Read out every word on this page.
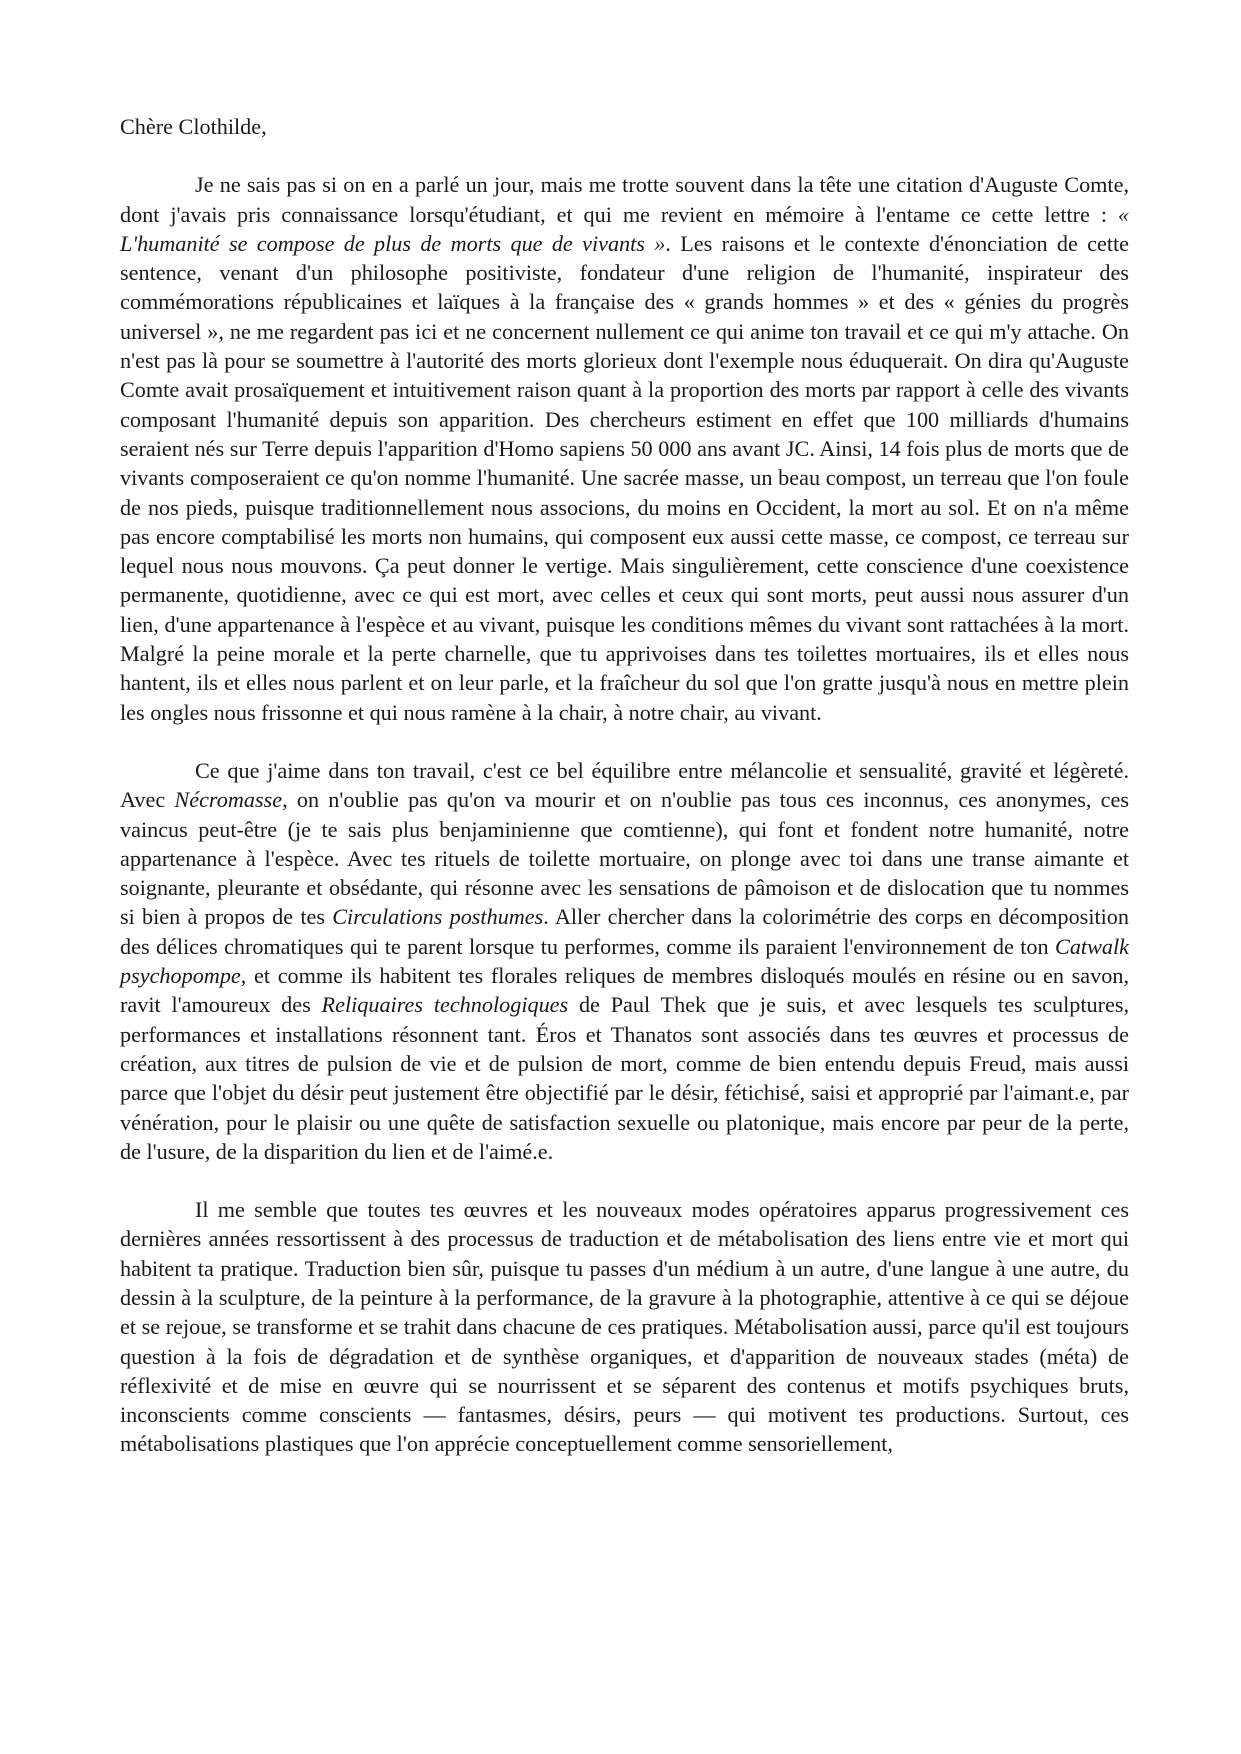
Chère Clothilde,

Je ne sais pas si on en a parlé un jour, mais me trotte souvent dans la tête une citation d'Auguste Comte, dont j'avais pris connaissance lorsqu'étudiant, et qui me revient en mémoire à l'entame ce cette lettre : « L'humanité se compose de plus de morts que de vivants ». Les raisons et le contexte d'énonciation de cette sentence, venant d'un philosophe positiviste, fondateur d'une religion de l'humanité, inspirateur des commémorations républicaines et laïques à la française des « grands hommes » et des « génies du progrès universel », ne me regardent pas ici et ne concernent nullement ce qui anime ton travail et ce qui m'y attache. On n'est pas là pour se soumettre à l'autorité des morts glorieux dont l'exemple nous éduquerait. On dira qu'Auguste Comte avait prosaïquement et intuitivement raison quant à la proportion des morts par rapport à celle des vivants composant l'humanité depuis son apparition. Des chercheurs estiment en effet que 100 milliards d'humains seraient nés sur Terre depuis l'apparition d'Homo sapiens 50 000 ans avant JC. Ainsi, 14 fois plus de morts que de vivants composeraient ce qu'on nomme l'humanité. Une sacrée masse, un beau compost, un terreau que l'on foule de nos pieds, puisque traditionnellement nous associons, du moins en Occident, la mort au sol. Et on n'a même pas encore comptabilisé les morts non humains, qui composent eux aussi cette masse, ce compost, ce terreau sur lequel nous nous mouvons. Ça peut donner le vertige. Mais singulièrement, cette conscience d'une coexistence permanente, quotidienne, avec ce qui est mort, avec celles et ceux qui sont morts, peut aussi nous assurer d'un lien, d'une appartenance à l'espèce et au vivant, puisque les conditions mêmes du vivant sont rattachées à la mort. Malgré la peine morale et la perte charnelle, que tu apprivoises dans tes toilettes mortuaires, ils et elles nous hantent, ils et elles nous parlent et on leur parle, et la fraîcheur du sol que l'on gratte jusqu'à nous en mettre plein les ongles nous frissonne et qui nous ramène à la chair, à notre chair, au vivant.

Ce que j'aime dans ton travail, c'est ce bel équilibre entre mélancolie et sensualité, gravité et légèreté. Avec Nécromasse, on n'oublie pas qu'on va mourir et on n'oublie pas tous ces inconnus, ces anonymes, ces vaincus peut-être (je te sais plus benjaminienne que comtienne), qui font et fondent notre humanité, notre appartenance à l'espèce. Avec tes rituels de toilette mortuaire, on plonge avec toi dans une transe aimante et soignante, pleurante et obsédante, qui résonne avec les sensations de pâmoison et de dislocation que tu nommes si bien à propos de tes Circulations posthumes. Aller chercher dans la colorimétrie des corps en décomposition des délices chromatiques qui te parent lorsque tu performes, comme ils paraient l'environnement de ton Catwalk psychopompe, et comme ils habitent tes florales reliques de membres disloqués moulés en résine ou en savon, ravit l'amoureux des Reliquaires technologiques de Paul Thek que je suis, et avec lesquels tes sculptures, performances et installations résonnent tant. Éros et Thanatos sont associés dans tes œuvres et processus de création, aux titres de pulsion de vie et de pulsion de mort, comme de bien entendu depuis Freud, mais aussi parce que l'objet du désir peut justement être objectifié par le désir, fétichisé, saisi et approprié par l'aimant.e, par vénération, pour le plaisir ou une quête de satisfaction sexuelle ou platonique, mais encore par peur de la perte, de l'usure, de la disparition du lien et de l'aimé.e.

Il me semble que toutes tes œuvres et les nouveaux modes opératoires apparus progressivement ces dernières années ressortissent à des processus de traduction et de métabolisation des liens entre vie et mort qui habitent ta pratique. Traduction bien sûr, puisque tu passes d'un médium à un autre, d'une langue à une autre, du dessin à la sculpture, de la peinture à la performance, de la gravure à la photographie, attentive à ce qui se déjoue et se rejoue, se transforme et se trahit dans chacune de ces pratiques. Métabolisation aussi, parce qu'il est toujours question à la fois de dégradation et de synthèse organiques, et d'apparition de nouveaux stades (méta) de réflexivité et de mise en œuvre qui se nourrissent et se séparent des contenus et motifs psychiques bruts, inconscients comme conscients — fantasmes, désirs, peurs — qui motivent tes productions. Surtout, ces métabolisations plastiques que l'on apprécie conceptuellement comme sensoriellement,
